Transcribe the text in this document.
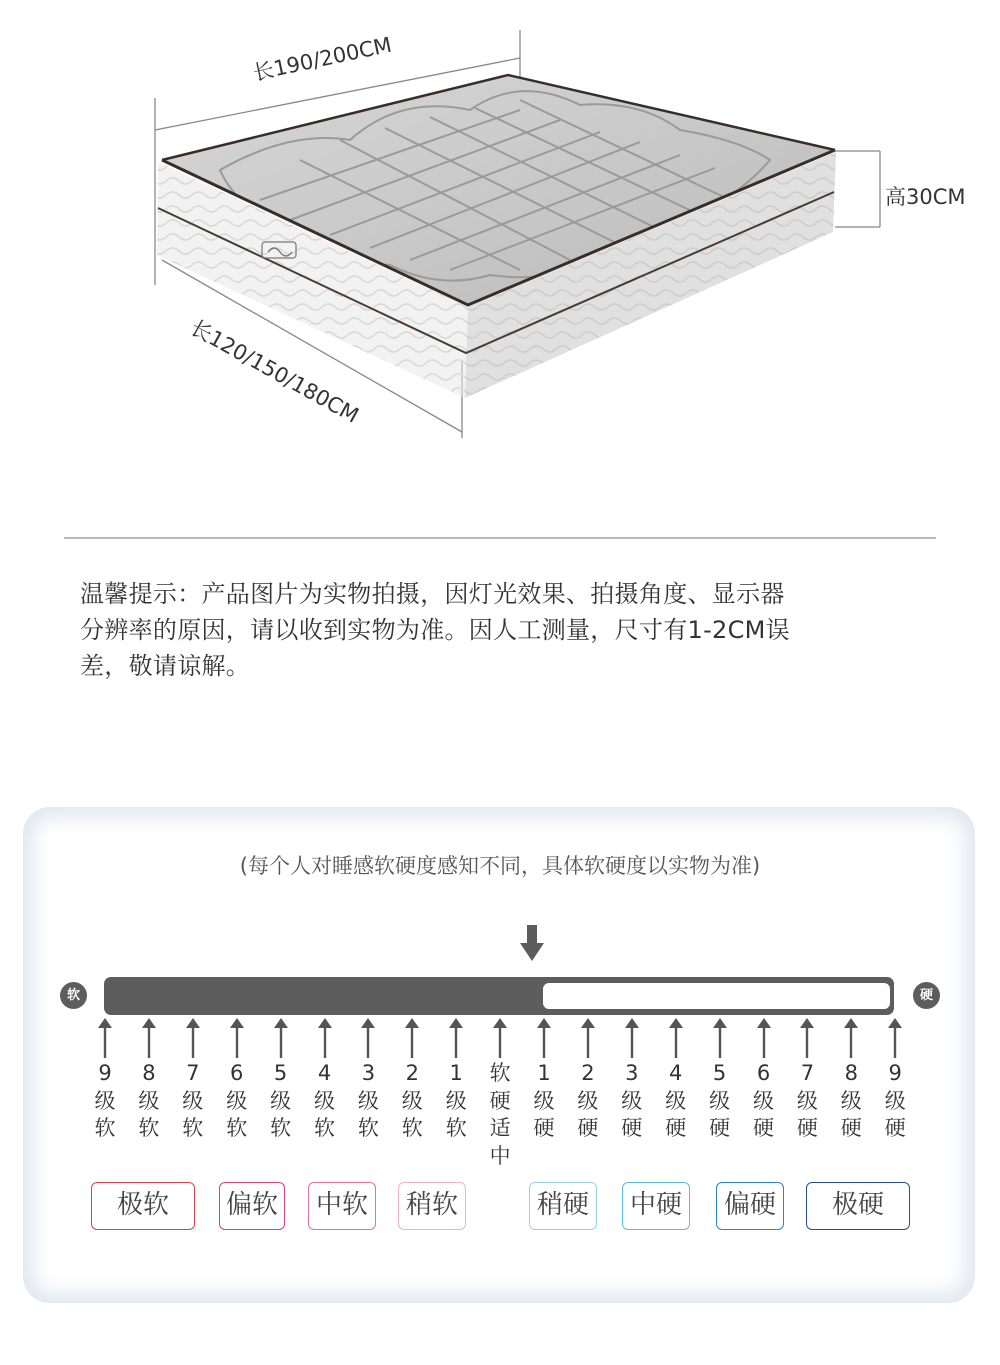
长190/200CM
高30CM
长120/150/180CM
温馨提示：产品图片为实物拍摄，因灯光效果、拍摄角度、显示器
分辨率的原因，请以收到实物为准。因人工测量，尺寸有1-2CM误
差，敬请谅解。
(每个人对睡感软硬度感知不同，具体软硬度以实物为准)
软	硬
9
级
软
8
级
软
7
级
软
6
级
软
5
级
软
4
级
软
3
级
软
2
级
软
1
级
软
软
硬
适
中
1
级
硬
2
级
硬
3
级
硬
4
级
硬
5
级
硬
6
级
硬
7
级
硬
8
级
硬
9
级
硬
极软	偏软	中软	稍软	稍硬	中硬	偏硬	极硬
